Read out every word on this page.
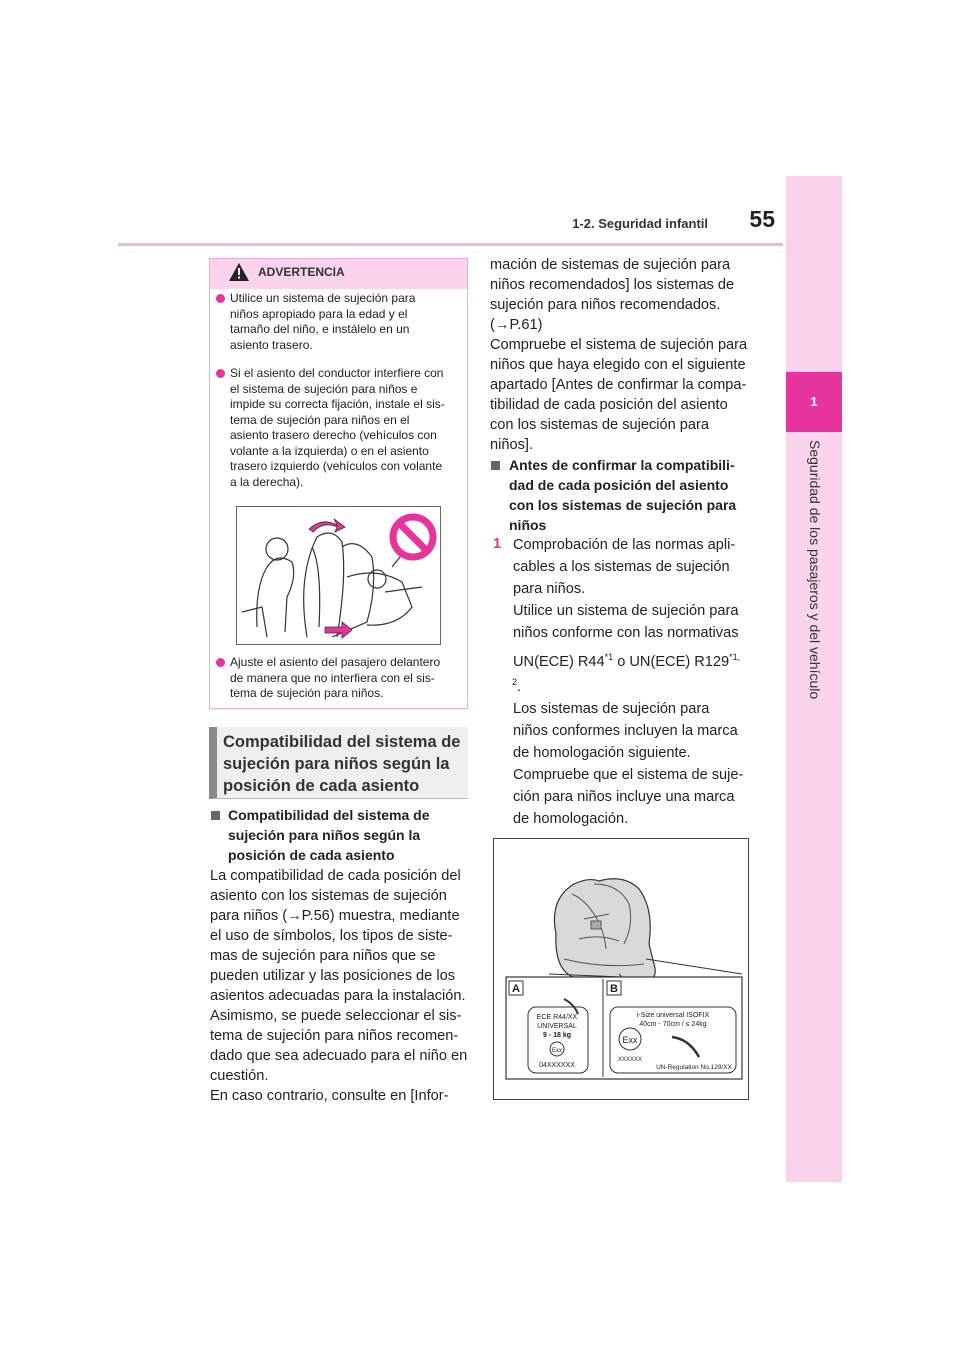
1-2. Seguridad infantil	55
1
Seguridad de los pasajeros y del vehículo
ADVERTENCIA
Utilice un sistema de sujeción para
niños apropiado para la edad y el
tamaño del niño, e instálelo en un
asiento trasero.
Si el asiento del conductor interfiere con
el sistema de sujeción para niños e
impide su correcta fijación, instale el sis-
tema de sujeción para niños en el
asiento trasero derecho (vehículos con
volante a la izquierda) o en el asiento
trasero izquierdo (vehículos con volante
a la derecha).
Ajuste el asiento del pasajero delantero
de manera que no interfiera con el sis-
tema de sujeción para niños.
Compatibilidad del sistema de
sujeción para niños según la
posición de cada asiento
Compatibilidad del sistema de
sujeción para niños según la
posición de cada asiento

La compatibilidad de cada posición del

asiento con los sistemas de sujeción

para niños (→P.56) muestra, mediante

el uso de símbolos, los tipos de siste-

mas de sujeción para niños que se

pueden utilizar y las posiciones de los

asientos adecuadas para la instalación.

Asimismo, se puede seleccionar el sis-

tema de sujeción para niños recomen-

dado que sea adecuado para el niño en

cuestión.

En caso contrario, consulte en [Infor-

mación de sistemas de sujeción para

niños recomendados] los sistemas de

sujeción para niños recomendados.

(→P.61)

Compruebe el sistema de sujeción para

niños que haya elegido con el siguiente

apartado [Antes de confirmar la compa-

tibilidad de cada posición del asiento

con los sistemas de sujeción para

niños].

Antes de confirmar la compatibili-
dad de cada posición del asiento
con los sistemas de sujeción para
niños
1 Comprobación de las normas apli-

cables a los sistemas de sujeción

para niños.

Utilice un sistema de sujeción para

niños conforme con las normativas

UN(ECE) R44$^{*1}$ o UN(ECE) $R129^{*1,}$

$^2$.

Los sistemas de sujeción para

niños conformes incluyen la marca

de homologación siguiente.

Compruebe que el sistema de suje-

ción para niños incluye una marca

de homologación.

A
ECE R44/XX
UNIVERSAL
9 - 18 kg
Exx
04XXXXXX
B
i-Size universal ISOFIX
40cm - 70cm / ≤ 24kg
Exx
XXXXXX
UN-Regulation No.129/XX
